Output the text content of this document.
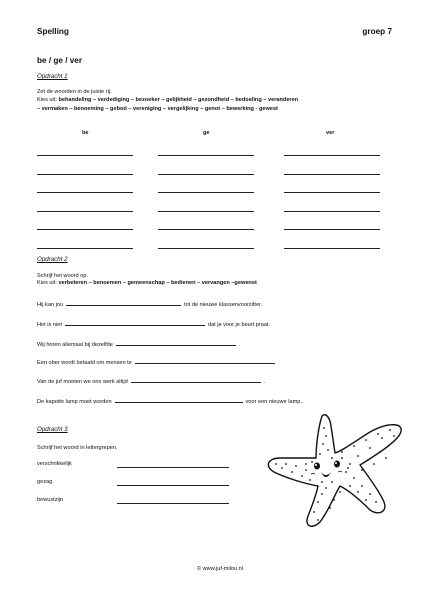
Spelling	groep 7
be / ge / ver
Opdracht 1
Zet de woorden in de juiste rij.
Kies uit: behandeling – verdediging – bezoeker – gelijkheid – gezondheid – bedoeling – veranderen
– vermaken – benoeming – gebod – vereniging – vergelijking – genot – bewerking - gewest
be	ge	ver
Opdracht 2
Schrijf het woord op.
Kies uit: verbeteren – benoemen – gemeenschap – bedienen – vervangen –gewenst
Hij kan jou	tot de nieuwe klassenvoorzitter.
Het is niet	dat je voor je beurt praat.
Wij horen allemaal bij dezelfde	.
Een ober wordt betaald om mensen te
Van de juf moeten we ons werk altijd	.
De kapotte lamp moet worden	voor een nieuwe lamp..
Opdracht 3
Schrijf het woord in lettergrepen.
verschrikkelijk
gezag
bewustzijn
© www.juf-milou.nl
